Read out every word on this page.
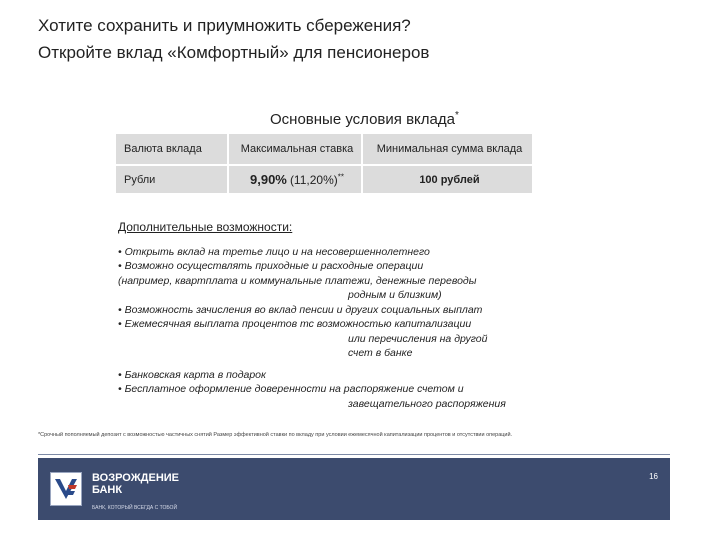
Хотите сохранить и приумножить сбережения?
Откройте вклад «Комфортный» для пенсионеров
Основные условия вклада*
Валюта вклада	Максимальная ставка	Минимальная сумма вклада
Рубли	9,90% (11,20%)**	100 рублей
Дополнительные возможности:
• Открыть вклад на третье лицо и на несовершеннолетнего
• Возможно осуществлять приходные и расходные операции
(например, квартплата и коммунальные платежи, денежные переводы
родным и близким)
• Возможность зачисления во вклад пенсии и других социальных выплат
• Ежемесячная выплата процентов тс возможностью капитализации
или перечисления на другой
счет в банке
• Банковская карта в подарок
• Бесплатное оформление доверенности на распоряжение счетом и
завещательного распоряжения
*Срочный пополняемый депозит с возможностью частичных снятий Размер эффективной ставки по вкладу при условии ежемесячной капитализации процентов и отсутствии операций.
ВОЗРОЖДЕНИЕ
БАНК
БАНК, КОТОРЫЙ ВСЕГДА С ТОБОЙ
16
